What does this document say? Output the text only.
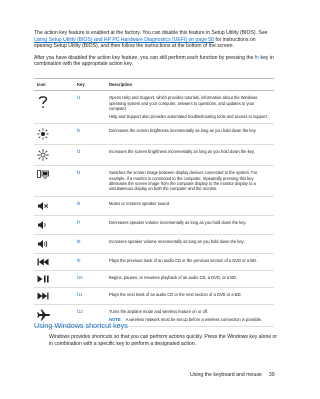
The action key feature is enabled at the factory. You can disable this feature in Setup Utility (BIOS). See Using Setup Utility (BIOS) and HP PC Hardware Diagnostics (UEFI) on page 58 for instructions on opening Setup Utility (BIOS), and then follow the instructions at the bottom of the screen.

After you have disabled the action key feature, you can still perform each function by pressing the fn key in combination with the appropriate action key.

Icon	Key	Description

	f1	Opens Help and Support, which provides tutorials, information about the Windows operating system and your computer, answers to questions, and updates to your computer.

Help and Support also provides automated troubleshooting tools and access to support.

	f2	Decreases the screen brightness incrementally as long as you hold down the key.

	f3	Increases the screen brightness incrementally as long as you hold down the key.

	f4	Switches the screen image between display devices connected to the system. For example, if a monitor is connected to the computer, repeatedly pressing this key alternates the screen image from the computer display to the monitor display to a simultaneous display on both the computer and the monitor.

	f6	Mutes or restores speaker sound.

	f7	Decreases speaker volume incrementally as long as you hold down the key.

	f8	Increases speaker volume incrementally as long as you hold down the key.

	f9	Plays the previous track of an audio CD or the previous section of a DVD or a BD.

	f10	Begins, pauses, or resumes playback of an audio CD, a DVD, or a BD.

	f11	Plays the next track of an audio CD or the next section of a DVD or a BD.

	f12	Turns the airplane mode and wireless feature on or off.

NOTE: A wireless network must be set up before a wireless connection is possible.

Using Windows shortcut keys

Windows provides shortcuts so that you can perform actions quickly. Press the Windows key alone or in combination with a specific key to perform a designated action.

Using the keyboard and mouse 39
